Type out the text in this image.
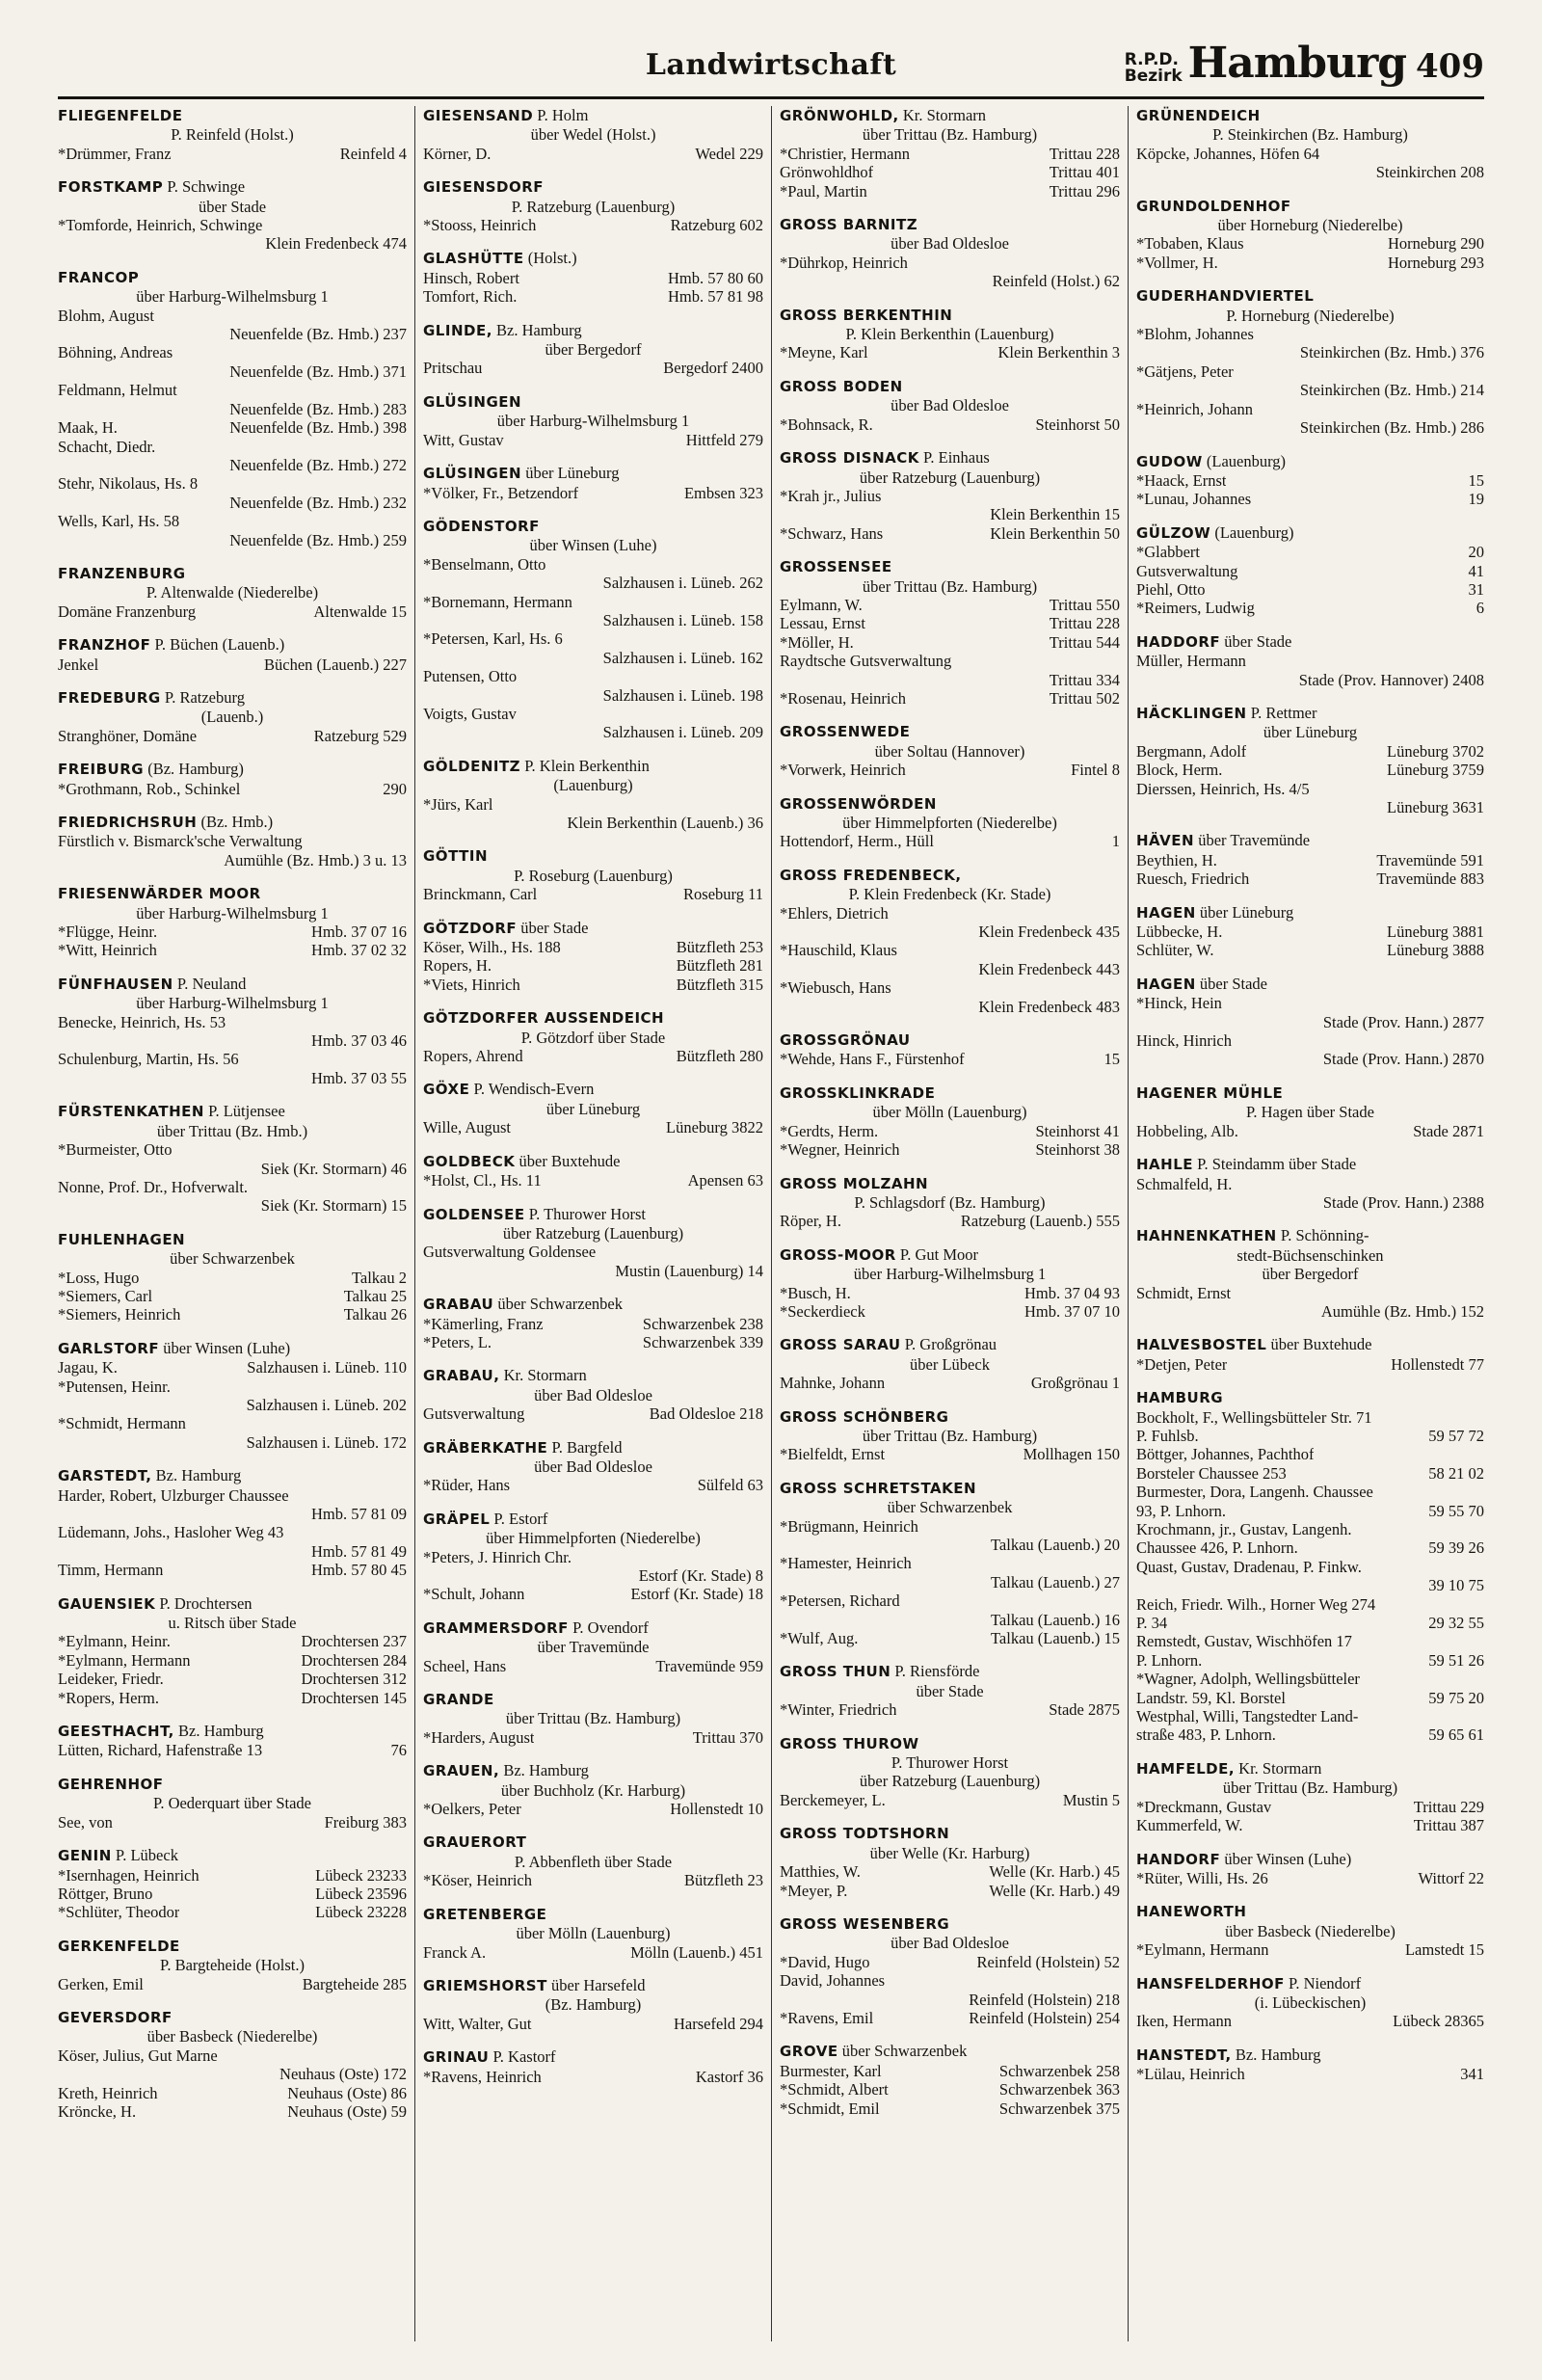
Landwirtschaft	R.P.D.
Bezirk Hamburg 409
FLIEGENFELDE
P. Reinfeld (Holst.)
*Drümmer, Franz	Reinfeld 4
FORSTKAMP P. Schwinge
über Stade
*Tomforde, Heinrich, Schwinge
Klein Fredenbeck 474
FRANCOP
über Harburg-Wilhelmsburg 1
Blohm, August
Neuenfelde (Bz. Hmb.) 237
Böhning, Andreas
Neuenfelde (Bz. Hmb.) 371
Feldmann, Helmut
Neuenfelde (Bz. Hmb.) 283
Maak, H.	Neuenfelde (Bz. Hmb.) 398
Schacht, Diedr.
Neuenfelde (Bz. Hmb.) 272
Stehr, Nikolaus, Hs. 8
Neuenfelde (Bz. Hmb.) 232
Wells, Karl, Hs. 58
Neuenfelde (Bz. Hmb.) 259
FRANZENBURG
P. Altenwalde (Niederelbe)
Domäne Franzenburg	Altenwalde 15
FRANZHOF P. Büchen (Lauenb.)
Jenkel	Büchen (Lauenb.) 227
FREDEBURG P. Ratzeburg
(Lauenb.)
Stranghöner, Domäne	Ratzeburg 529
FREIBURG (Bz. Hamburg)
*Grothmann, Rob., Schinkel	290
FRIEDRICHSRUH (Bz. Hmb.)
Fürstlich v. Bismarck'sche Verwaltung
Aumühle (Bz. Hmb.) 3 u. 13
FRIESENWÄRDER MOOR
über Harburg-Wilhelmsburg 1
*Flügge, Heinr.	Hmb. 37 07 16
*Witt, Heinrich	Hmb. 37 02 32
FÜNFHAUSEN P. Neuland
über Harburg-Wilhelmsburg 1
Benecke, Heinrich, Hs. 53
Hmb. 37 03 46
Schulenburg, Martin, Hs. 56
Hmb. 37 03 55
FÜRSTENKATHEN P. Lütjensee
über Trittau (Bz. Hmb.)
*Burmeister, Otto
Siek (Kr. Stormarn) 46
Nonne, Prof. Dr., Hofverwalt.
Siek (Kr. Stormarn) 15
FUHLENHAGEN
über Schwarzenbek
*Loss, Hugo	Talkau 2
*Siemers, Carl	Talkau 25
*Siemers, Heinrich	Talkau 26
GARLSTORF über Winsen (Luhe)
Jagau, K.	Salzhausen i. Lüneb. 110
*Putensen, Heinr.
Salzhausen i. Lüneb. 202
*Schmidt, Hermann
Salzhausen i. Lüneb. 172
GARSTEDT, Bz. Hamburg
Harder, Robert, Ulzburger Chaussee
Hmb. 57 81 09
Lüdemann, Johs., Hasloher Weg 43
Hmb. 57 81 49
Timm, Hermann	Hmb. 57 80 45
GAUENSIEK P. Drochtersen
u. Ritsch über Stade
*Eylmann, Heinr.	Drochtersen 237
*Eylmann, Hermann	Drochtersen 284
Leideker, Friedr.	Drochtersen 312
*Ropers, Herm.	Drochtersen 145
GEESTHACHT, Bz. Hamburg
Lütten, Richard, Hafenstraße 13	76
GEHRENHOF
P. Oederquart über Stade
See, von	Freiburg 383
GENIN P. Lübeck
*Isernhagen, Heinrich	Lübeck 23233
Röttger, Bruno	Lübeck 23596
*Schlüter, Theodor	Lübeck 23228
GERKENFELDE
P. Bargteheide (Holst.)
Gerken, Emil	Bargteheide 285
GEVERSDORF
über Basbeck (Niederelbe)
Köser, Julius, Gut Marne
Neuhaus (Oste) 172
Kreth, Heinrich	Neuhaus (Oste) 86
Kröncke, H.	Neuhaus (Oste) 59
GIESENSAND P. Holm
über Wedel (Holst.)
Körner, D.	Wedel 229
GIESENSDORF
P. Ratzeburg (Lauenburg)
*Stooss, Heinrich	Ratzeburg 602
GLASHÜTTE (Holst.)
Hinsch, Robert	Hmb. 57 80 60
Tomfort, Rich.	Hmb. 57 81 98
GLINDE, Bz. Hamburg
über Bergedorf
Pritschau	Bergedorf 2400
GLÜSINGEN
über Harburg-Wilhelmsburg 1
Witt, Gustav	Hittfeld 279
GLÜSINGEN über Lüneburg
*Völker, Fr., Betzendorf	Embsen 323
GÖDENSTORF
über Winsen (Luhe)
*Benselmann, Otto
Salzhausen i. Lüneb. 262
*Bornemann, Hermann
Salzhausen i. Lüneb. 158
*Petersen, Karl, Hs. 6
Salzhausen i. Lüneb. 162
Putensen, Otto
Salzhausen i. Lüneb. 198
Voigts, Gustav
Salzhausen i. Lüneb. 209
GÖLDENITZ P. Klein Berkenthin
(Lauenburg)
*Jürs, Karl
Klein Berkenthin (Lauenb.) 36
GÖTTIN
P. Roseburg (Lauenburg)
Brinckmann, Carl	Roseburg 11
GÖTZDORF über Stade
Köser, Wilh., Hs. 188	Bützfleth 253
Ropers, H.	Bützfleth 281
*Viets, Hinrich	Bützfleth 315
GÖTZDORFER AUSSENDEICH
P. Götzdorf über Stade
Ropers, Ahrend	Bützfleth 280
GÖXE P. Wendisch-Evern
über Lüneburg
Wille, August	Lüneburg 3822
GOLDBECK über Buxtehude
*Holst, Cl., Hs. 11	Apensen 63
GOLDENSEE P. Thurower Horst
über Ratzeburg (Lauenburg)
Gutsverwaltung Goldensee
Mustin (Lauenburg) 14
GRABAU über Schwarzenbek
*Kämerling, Franz	Schwarzenbek 238
*Peters, L.	Schwarzenbek 339
GRABAU, Kr. Stormarn
über Bad Oldesloe
Gutsverwaltung	Bad Oldesloe 218
GRÄBERKATHE P. Bargfeld
über Bad Oldesloe
*Rüder, Hans	Sülfeld 63
GRÄPEL P. Estorf
über Himmelpforten (Niederelbe)
*Peters, J. Hinrich Chr.
Estorf (Kr. Stade) 8
*Schult, Johann	Estorf (Kr. Stade) 18
GRAMMERSDORF P. Ovendorf
über Travemünde
Scheel, Hans	Travemünde 959
GRANDE
über Trittau (Bz. Hamburg)
*Harders, August	Trittau 370
GRAUEN, Bz. Hamburg
über Buchholz (Kr. Harburg)
*Oelkers, Peter	Hollenstedt 10
GRAUERORT
P. Abbenfleth über Stade
*Köser, Heinrich	Bützfleth 23
GRETENBERGE
über Mölln (Lauenburg)
Franck A.	Mölln (Lauenb.) 451
GRIEMSHORST über Harsefeld
(Bz. Hamburg)
Witt, Walter, Gut	Harsefeld 294
GRINAU P. Kastorf
*Ravens, Heinrich	Kastorf 36
GRÖNWOHLD, Kr. Stormarn
über Trittau (Bz. Hamburg)
*Christier, Hermann	Trittau 228
Grönwohldhof	Trittau 401
*Paul, Martin	Trittau 296
GROSS BARNITZ
über Bad Oldesloe
*Dührkop, Heinrich
Reinfeld (Holst.) 62
GROSS BERKENTHIN
P. Klein Berkenthin (Lauenburg)
*Meyne, Karl	Klein Berkenthin 3
GROSS BODEN
über Bad Oldesloe
*Bohnsack, R.	Steinhorst 50
GROSS DISNACK P. Einhaus
über Ratzeburg (Lauenburg)
*Krah jr., Julius
Klein Berkenthin 15
*Schwarz, Hans	Klein Berkenthin 50
GROSSENSEE
über Trittau (Bz. Hamburg)
Eylmann, W.	Trittau 550
Lessau, Ernst	Trittau 228
*Möller, H.	Trittau 544
Raydtsche Gutsverwaltung
Trittau 334
*Rosenau, Heinrich	Trittau 502
GROSSENWEDE
über Soltau (Hannover)
*Vorwerk, Heinrich	Fintel 8
GROSSENWÖRDEN
über Himmelpforten (Niederelbe)
Hottendorf, Herm., Hüll	1
GROSS FREDENBECK,
P. Klein Fredenbeck (Kr. Stade)
*Ehlers, Dietrich
Klein Fredenbeck 435
*Hauschild, Klaus
Klein Fredenbeck 443
*Wiebusch, Hans
Klein Fredenbeck 483
GROSSGRÖNAU
*Wehde, Hans F., Fürstenhof	15
GROSSKLINKRADE
über Mölln (Lauenburg)
*Gerdts, Herm.	Steinhorst 41
*Wegner, Heinrich	Steinhorst 38
GROSS MOLZAHN
P. Schlagsdorf (Bz. Hamburg)
Röper, H.	Ratzeburg (Lauenb.) 555
GROSS-MOOR P. Gut Moor
über Harburg-Wilhelmsburg 1
*Busch, H.	Hmb. 37 04 93
*Seckerdieck	Hmb. 37 07 10
GROSS SARAU P. Großgrönau
über Lübeck
Mahnke, Johann	Großgrönau 1
GROSS SCHÖNBERG
über Trittau (Bz. Hamburg)
*Bielfeldt, Ernst	Mollhagen 150
GROSS SCHRETSTAKEN
über Schwarzenbek
*Brügmann, Heinrich
Talkau (Lauenb.) 20
*Hamester, Heinrich
Talkau (Lauenb.) 27
*Petersen, Richard
Talkau (Lauenb.) 16
*Wulf, Aug.	Talkau (Lauenb.) 15
GROSS THUN P. Riensförde
über Stade
*Winter, Friedrich	Stade 2875
GROSS THUROW
P. Thurower Horst
über Ratzeburg (Lauenburg)
Berckemeyer, L.	Mustin 5
GROSS TODTSHORN
über Welle (Kr. Harburg)
Matthies, W.	Welle (Kr. Harb.) 45
*Meyer, P.	Welle (Kr. Harb.) 49
GROSS WESENBERG
über Bad Oldesloe
*David, Hugo	Reinfeld (Holstein) 52
David, Johannes
Reinfeld (Holstein) 218
*Ravens, Emil	Reinfeld (Holstein) 254
GROVE über Schwarzenbek
Burmester, Karl	Schwarzenbek 258
*Schmidt, Albert	Schwarzenbek 363
*Schmidt, Emil	Schwarzenbek 375
GRÜNENDEICH
P. Steinkirchen (Bz. Hamburg)
Köpcke, Johannes, Höfen 64
Steinkirchen 208
GRUNDOLDENHOF
über Horneburg (Niederelbe)
*Tobaben, Klaus	Horneburg 290
*Vollmer, H.	Horneburg 293
GUDERHANDVIERTEL
P. Horneburg (Niederelbe)
*Blohm, Johannes
Steinkirchen (Bz. Hmb.) 376
*Gätjens, Peter
Steinkirchen (Bz. Hmb.) 214
*Heinrich, Johann
Steinkirchen (Bz. Hmb.) 286
GUDOW (Lauenburg)
*Haack, Ernst	15
*Lunau, Johannes	19
GÜLZOW (Lauenburg)
*Glabbert	20
Gutsverwaltung	41
Piehl, Otto	31
*Reimers, Ludwig	6
HADDORF über Stade
Müller, Hermann
Stade (Prov. Hannover) 2408
HÄCKLINGEN P. Rettmer
über Lüneburg
Bergmann, Adolf	Lüneburg 3702
Block, Herm.	Lüneburg 3759
Dierssen, Heinrich, Hs. 4/5
Lüneburg 3631
HÄVEN über Travemünde
Beythien, H.	Travemünde 591
Ruesch, Friedrich	Travemünde 883
HAGEN über Lüneburg
Lübbecke, H.	Lüneburg 3881
Schlüter, W.	Lüneburg 3888
HAGEN über Stade
*Hinck, Hein
Stade (Prov. Hann.) 2877
Hinck, Hinrich
Stade (Prov. Hann.) 2870
HAGENER MÜHLE
P. Hagen über Stade
Hobbeling, Alb.	Stade 2871
HAHLE P. Steindamm über Stade
Schmalfeld, H.
Stade (Prov. Hann.) 2388
HAHNENKATHEN P. Schönning-
stedt-Büchsenschinken
über Bergedorf
Schmidt, Ernst
Aumühle (Bz. Hmb.) 152
HALVESBOSTEL über Buxtehude
*Detjen, Peter	Hollenstedt 77
HAMBURG
Bockholt, F., Wellingsbütteler Str. 71
P. Fuhlsb.	59 57 72
Böttger, Johannes, Pachthof
Borsteler Chaussee 253	58 21 02
Burmester, Dora, Langenh. Chaussee
93, P. Lnhorn.	59 55 70
Krochmann, jr., Gustav, Langenh.
Chaussee 426, P. Lnhorn.	59 39 26
Quast, Gustav, Dradenau, P. Finkw.
39 10 75
Reich, Friedr. Wilh., Horner Weg 274
P. 34	29 32 55
Remstedt, Gustav, Wischhöfen 17
P. Lnhorn.	59 51 26
*Wagner, Adolph, Wellingsbütteler
Landstr. 59, Kl. Borstel	59 75 20
Westphal, Willi, Tangstedter Land-
straße 483, P. Lnhorn.	59 65 61
HAMFELDE, Kr. Stormarn
über Trittau (Bz. Hamburg)
*Dreckmann, Gustav	Trittau 229
Kummerfeld, W.	Trittau 387
HANDORF über Winsen (Luhe)
*Rüter, Willi, Hs. 26	Wittorf 22
HANEWORTH
über Basbeck (Niederelbe)
*Eylmann, Hermann	Lamstedt 15
HANSFELDERHOF P. Niendorf
(i. Lübeckischen)
Iken, Hermann	Lübeck 28365
HANSTEDT, Bz. Hamburg
*Lülau, Heinrich	341
